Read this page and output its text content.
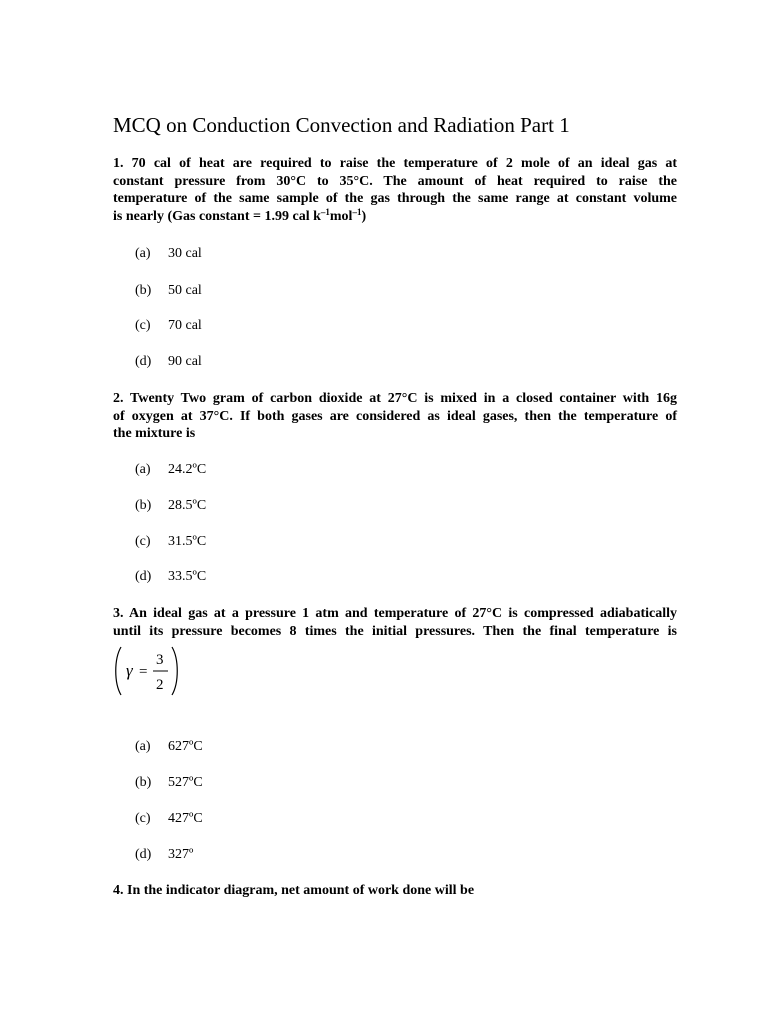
MCQ on Conduction Convection and Radiation Part 1
1. 70 cal of heat are required to raise the temperature of 2 mole of an ideal gas at
constant pressure from 30°C to 35°C. The amount of heat required to raise the
temperature of the same sample of the gas through the same range at constant volume
is nearly (Gas constant = 1.99 cal $k^{-1}mol^{-1}$)
(a) 30 cal
(b) 50 cal
(c) 70 cal
(d) 90 cal
2. Twenty Two gram of carbon dioxide at 27°C is mixed in a closed container with 16g
of oxygen at 37°C. If both gases are considered as ideal gases, then the temperature of
the mixture is
(a) 24.2ºC
(b) 28.5ºC
(c) 31.5ºC
(d) 33.5ºC
3. An ideal gas at a pressure 1 atm and temperature of 27°C is compressed adiabatically
until its pressure becomes 8 times the initial pressures. Then the final temperature is
γ =
3
2
(a) 627ºC
(b) 527ºC
(c) 427ºC
(d) 327º
4. In the indicator diagram, net amount of work done will be
